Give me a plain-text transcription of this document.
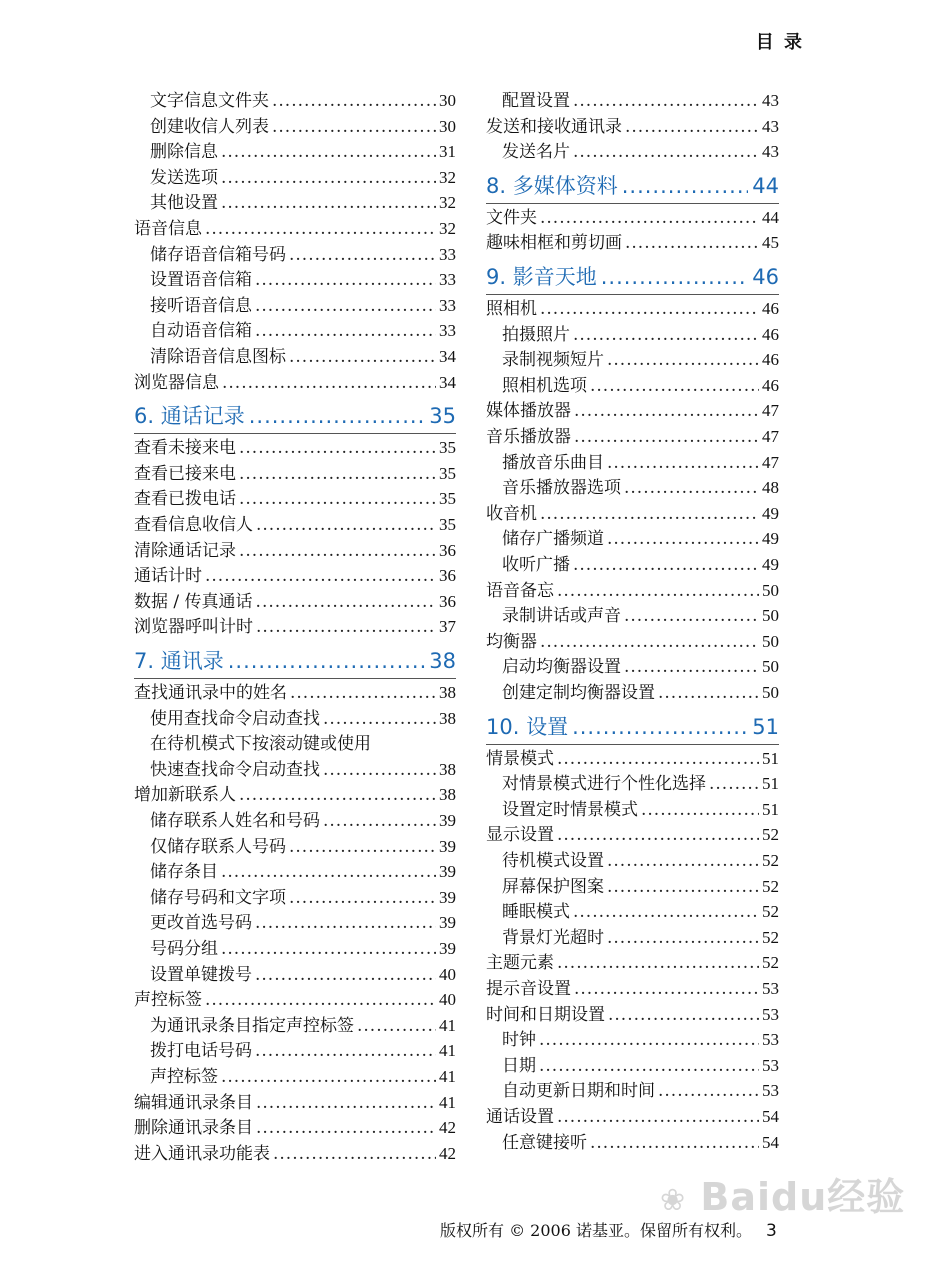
目 录
文字信息文件夹 .....	30
创建收信人列表 .....	30
删除信息 .....	31
发送选项 .....	32
其他设置 .....	32
语音信息 .....	32
储存语音信箱号码 .....	33
设置语音信箱 .....	33
接听语音信息 .....	33
自动语音信箱 .....	33
清除语音信息图标 .....	34
浏览器信息 .....	34
6. 通话记录 .....	35
查看未接来电 .....	35
查看已接来电 .....	35
查看已拨电话 .....	35
查看信息收信人 .....	35
清除通话记录 .....	36
通话计时 .....	36
数据 / 传真通话 .....	36
浏览器呼叫计时 .....	37
7. 通讯录 .....	38
查找通讯录中的姓名 .....	38
使用查找命令启动查找 .....	38
在待机模式下按滚动键或使用
快速查找命令启动查找 .....	38
增加新联系人 .....	38
储存联系人姓名和号码 .....	39
仅储存联系人号码 .....	39
储存条目 .....	39
储存号码和文字项 .....	39
更改首选号码 .....	39
号码分组 .....	39
设置单键拨号 .....	40
声控标签 .....	40
为通讯录条目指定声控标签 .....	41
拨打电话号码 .....	41
声控标签 .....	41
编辑通讯录条目 .....	41
删除通讯录条目 .....	42
进入通讯录功能表 .....	42
配置设置 .....	43
发送和接收通讯录 .....	43
发送名片 .....	43
8. 多媒体资料 .....	44
文件夹 .....	44
趣味相框和剪切画 .....	45
9. 影音天地 .....	46
照相机 .....	46
拍摄照片 .....	46
录制视频短片 .....	46
照相机选项 .....	46
媒体播放器 .....	47
音乐播放器 .....	47
播放音乐曲目 .....	47
音乐播放器选项 .....	48
收音机 .....	49
储存广播频道 .....	49
收听广播 .....	49
语音备忘 .....	50
录制讲话或声音 .....	50
均衡器 .....	50
启动均衡器设置 .....	50
创建定制均衡器设置 .....	50
10. 设置 .....	51
情景模式 .....	51
对情景模式进行个性化选择 .....	51
设置定时情景模式 .....	51
显示设置 .....	52
待机模式设置 .....	52
屏幕保护图案 .....	52
睡眠模式 .....	52
背景灯光超时 .....	52
主题元素 .....	52
提示音设置 .....	53
时间和日期设置 .....	53
时钟 .....	53
日期 .....	53
自动更新日期和时间 .....	53
通话设置 .....	54
任意键接听 .....	54
❀ Baidu经验
版权所有 © 2006 诺基亚。保留所有权利。 3
